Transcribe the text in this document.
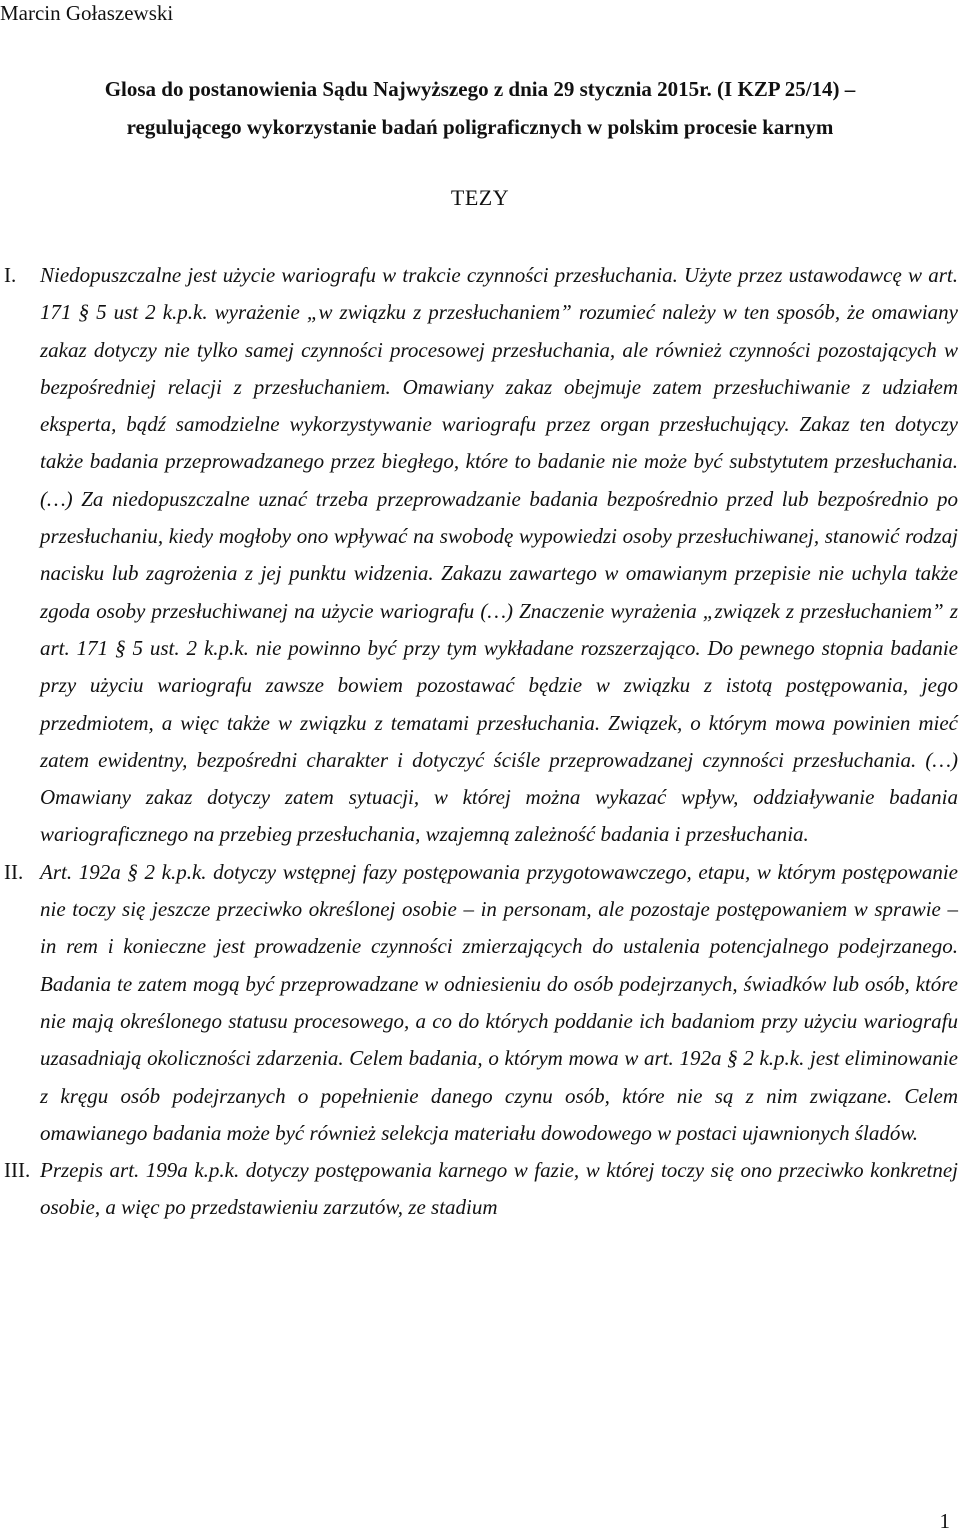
Marcin Gołaszewski
Glosa do postanowienia Sądu Najwyższego z dnia 29 stycznia 2015r. (I KZP 25/14) –
regulującego wykorzystanie badań poligraficznych w polskim procesie karnym
TEZY
I. Niedopuszczalne jest użycie wariografu w trakcie czynności przesłuchania. Użyte przez ustawodawcę w art. 171 § 5 ust 2 k.p.k. wyrażenie „w związku z przesłuchaniem” rozumieć należy w ten sposób, że omawiany zakaz dotyczy nie tylko samej czynności procesowej przesłuchania, ale również czynności pozostających w bezpośredniej relacji z przesłuchaniem. Omawiany zakaz obejmuje zatem przesłuchiwanie z udziałem eksperta, bądź samodzielne wykorzystywanie wariografu przez organ przesłuchujący. Zakaz ten dotyczy także badania przeprowadzanego przez biegłego, które to badanie nie może być substytutem przesłuchania.(…) Za niedopuszczalne uznać trzeba przeprowadzanie badania bezpośrednio przed lub bezpośrednio po przesłuchaniu, kiedy mogłoby ono wpływać na swobodę wypowiedzi osoby przesłuchiwanej, stanowić rodzaj nacisku lub zagrożenia z jej punktu widzenia. Zakazu zawartego w omawianym przepisie nie uchyla także zgoda osoby przesłuchiwanej na użycie wariografu (…) Znaczenie wyrażenia „związek z przesłuchaniem” z art. 171 § 5 ust. 2 k.p.k. nie powinno być przy tym wykładane rozszerzająco. Do pewnego stopnia badanie przy użyciu wariografu zawsze bowiem pozostawać będzie w związku z istotą postępowania, jego przedmiotem, a więc także w związku z tematami przesłuchania. Związek, o którym mowa powinien mieć zatem ewidentny, bezpośredni charakter i dotyczyć ściśle przeprowadzanej czynności przesłuchania. (…) Omawiany zakaz dotyczy zatem sytuacji, w której można wykazać wpływ, oddziaływanie badania wariograficznego na przebieg przesłuchania, wzajemną zależność badania i przesłuchania.
II. Art. 192a § 2 k.p.k. dotyczy wstępnej fazy postępowania przygotowawczego, etapu, w którym postępowanie nie toczy się jeszcze przeciwko określonej osobie – in personam, ale pozostaje postępowaniem w sprawie – in rem i konieczne jest prowadzenie czynności zmierzających do ustalenia potencjalnego podejrzanego. Badania te zatem mogą być przeprowadzane w odniesieniu do osób podejrzanych, świadków lub osób, które nie mają określonego statusu procesowego, a co do których poddanie ich badaniom przy użyciu wariografu uzasadniają okoliczności zdarzenia. Celem badania, o którym mowa w art. 192a § 2 k.p.k. jest eliminowanie z kręgu osób podejrzanych o popełnienie danego czynu osób, które nie są z nim związane. Celem omawianego badania może być również selekcja materiału dowodowego w postaci ujawnionych śladów.
III. Przepis art. 199a k.p.k. dotyczy postępowania karnego w fazie, w której toczy się ono przeciwko konkretnej osobie, a więc po przedstawieniu zarzutów, ze stadium
1
